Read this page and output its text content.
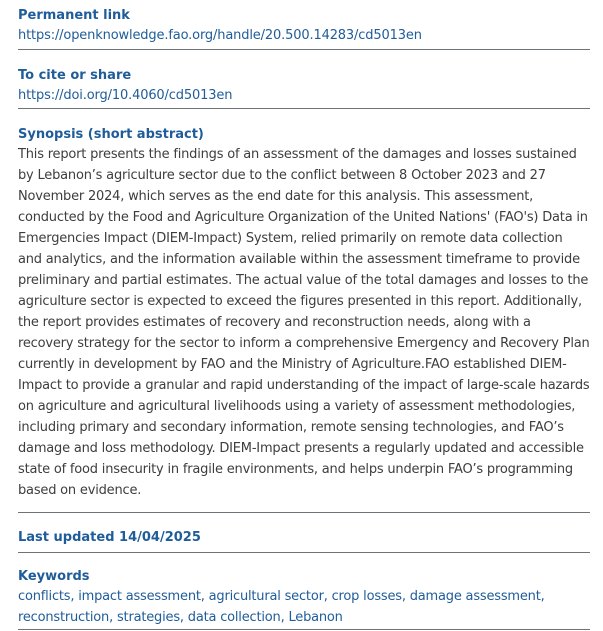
Permanent link
https://openknowledge.fao.org/handle/20.500.14283/cd5013en
To cite or share
https://doi.org/10.4060/cd5013en
Synopsis (short abstract)

This report presents the findings of an assessment of the damages and losses sustained by Lebanon’s agriculture sector due to the conflict between 8 October 2023 and 27 November 2024, which serves as the end date for this analysis. This assessment, conducted by the Food and Agriculture Organization of the United Nations' (FAO's) Data in Emergencies Impact (DIEM-Impact) System, relied primarily on remote data collection and analytics, and the information available within the assessment timeframe to provide preliminary and partial estimates. The actual value of the total damages and losses to the agriculture sector is expected to exceed the figures presented in this report. Additionally, the report provides estimates of recovery and reconstruction needs, along with a recovery strategy for the sector to inform a comprehensive Emergency and Recovery Plan currently in development by FAO and the Ministry of Agriculture.FAO established DIEM-Impact to provide a granular and rapid understanding of the impact of large-scale hazards on agriculture and agricultural livelihoods using a variety of assessment methodologies, including primary and secondary information, remote sensing technologies, and FAO’s damage and loss methodology. DIEM-Impact presents a regularly updated and accessible state of food insecurity in fragile environments, and helps underpin FAO’s programming based on evidence.

Last updated 14/04/2025
Keywords
conflicts, impact assessment, agricultural sector, crop losses, damage assessment, reconstruction, strategies, data collection, Lebanon
